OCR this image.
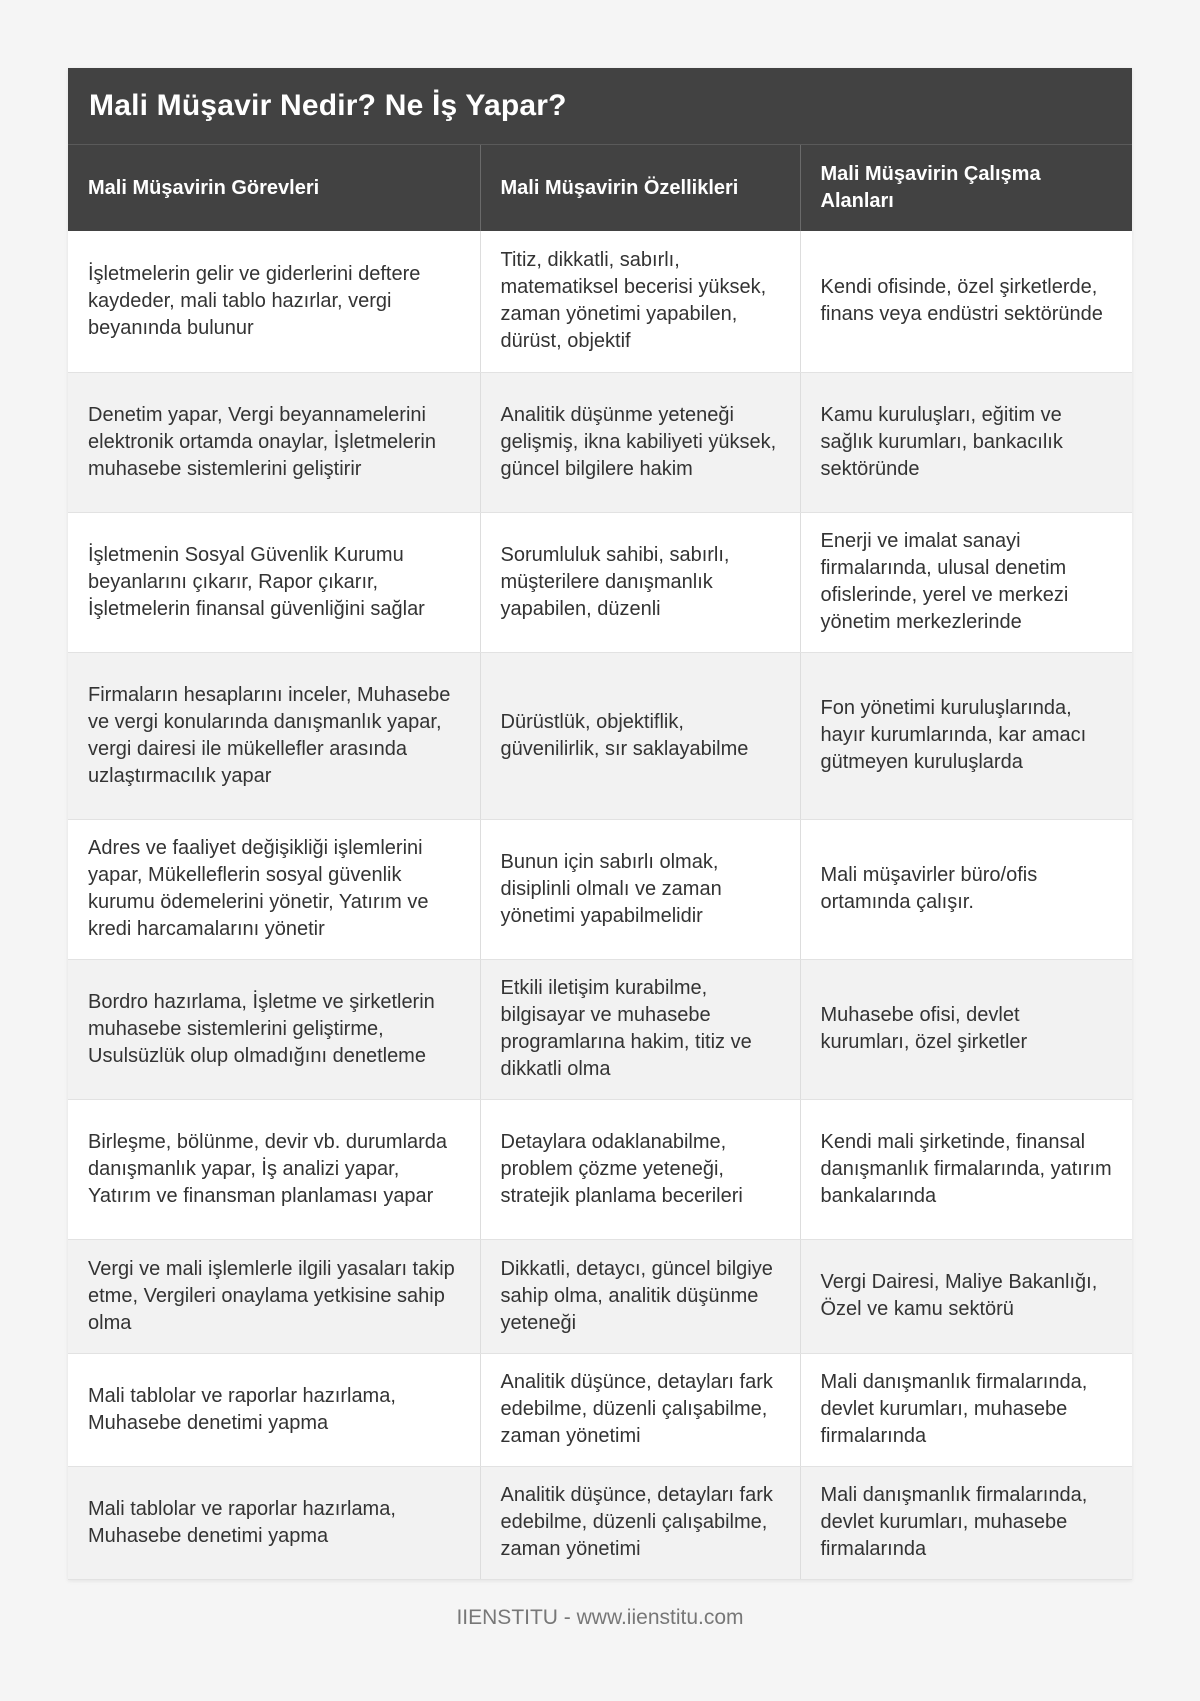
Mali Müşavir Nedir? Ne İş Yapar?
Mali Müşavirin Görevleri	Mali Müşavirin Özellikleri	Mali Müşavirin Çalışma Alanları
İşletmelerin gelir ve giderlerini deftere kaydeder, mali tablo hazırlar, vergi beyanında bulunur	Titiz, dikkatli, sabırlı, matematiksel becerisi yüksek, zaman yönetimi yapabilen, dürüst, objektif	Kendi ofisinde, özel şirketlerde, finans veya endüstri sektöründe
Denetim yapar, Vergi beyannamelerini elektronik ortamda onaylar, İşletmelerin muhasebe sistemlerini geliştirir	Analitik düşünme yeteneği gelişmiş, ikna kabiliyeti yüksek, güncel bilgilere hakim	Kamu kuruluşları, eğitim ve sağlık kurumları, bankacılık sektöründe
İşletmenin Sosyal Güvenlik Kurumu beyanlarını çıkarır, Rapor çıkarır, İşletmelerin finansal güvenliğini sağlar	Sorumluluk sahibi, sabırlı, müşterilere danışmanlık yapabilen, düzenli	Enerji ve imalat sanayi firmalarında, ulusal denetim ofislerinde, yerel ve merkezi yönetim merkezlerinde
Firmaların hesaplarını inceler, Muhasebe ve vergi konularında danışmanlık yapar, vergi dairesi ile mükellefler arasında uzlaştırmacılık yapar	Dürüstlük, objektiflik, güvenilirlik, sır saklayabilme	Fon yönetimi kuruluşlarında, hayır kurumlarında, kar amacı gütmeyen kuruluşlarda
Adres ve faaliyet değişikliği işlemlerini yapar, Mükelleflerin sosyal güvenlik kurumu ödemelerini yönetir, Yatırım ve kredi harcamalarını yönetir	Bunun için sabırlı olmak, disiplinli olmalı ve zaman yönetimi yapabilmelidir	Mali müşavirler büro/ofis ortamında çalışır.
Bordro hazırlama, İşletme ve şirketlerin muhasebe sistemlerini geliştirme, Usulsüzlük olup olmadığını denetleme	Etkili iletişim kurabilme, bilgisayar ve muhasebe programlarına hakim, titiz ve dikkatli olma	Muhasebe ofisi, devlet kurumları, özel şirketler
Birleşme, bölünme, devir vb. durumlarda danışmanlık yapar, İş analizi yapar, Yatırım ve finansman planlaması yapar	Detaylara odaklanabilme, problem çözme yeteneği, stratejik planlama becerileri	Kendi mali şirketinde, finansal danışmanlık firmalarında, yatırım bankalarında
Vergi ve mali işlemlerle ilgili yasaları takip etme, Vergileri onaylama yetkisine sahip olma	Dikkatli, detaycı, güncel bilgiye sahip olma, analitik düşünme yeteneği	Vergi Dairesi, Maliye Bakanlığı, Özel ve kamu sektörü
Mali tablolar ve raporlar hazırlama, Muhasebe denetimi yapma	Analitik düşünce, detayları fark edebilme, düzenli çalışabilme, zaman yönetimi	Mali danışmanlık firmalarında, devlet kurumları, muhasebe firmalarında
Mali tablolar ve raporlar hazırlama, Muhasebe denetimi yapma	Analitik düşünce, detayları fark edebilme, düzenli çalışabilme, zaman yönetimi	Mali danışmanlık firmalarında, devlet kurumları, muhasebe firmalarında
IIENSTITU - www.iienstitu.com
